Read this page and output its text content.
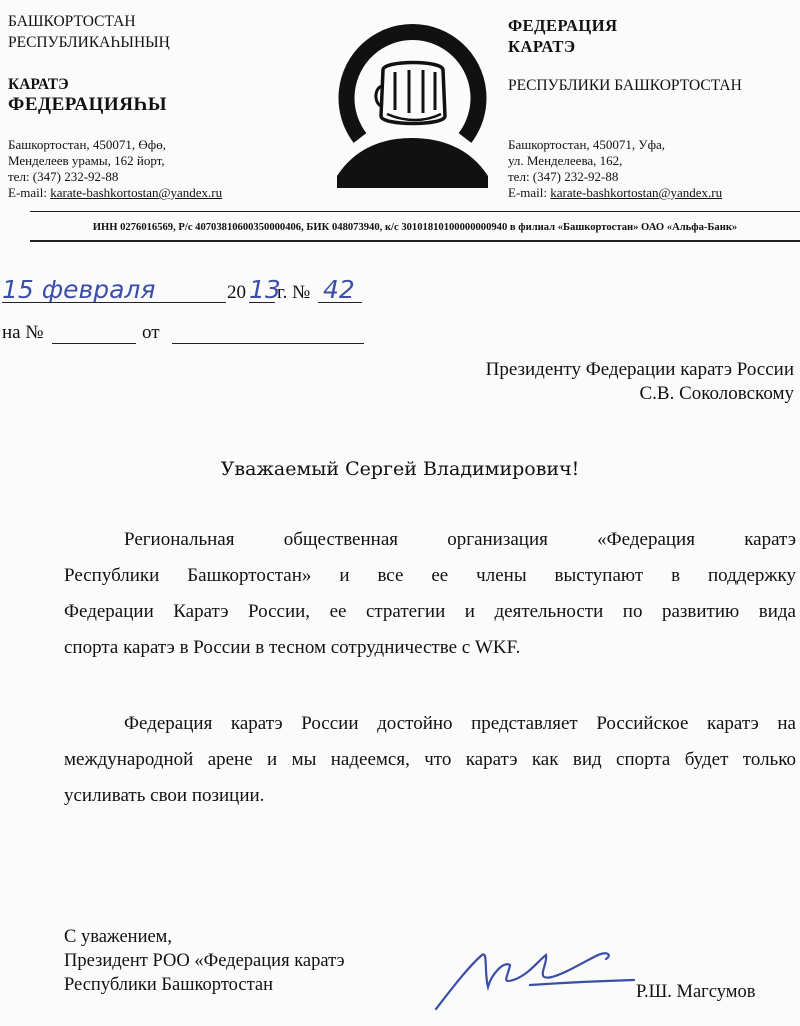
БАШКОРТОСТАН
РЕСПУБЛИКАҺЫНЫҢ
КАРАТЭ
ФЕДЕРАЦИЯҺЫ
Башкортостан, 450071, Өфө,
Менделеев урамы, 162 йорт,
тел: (347) 232-92-88
E-mail: karate-bashkortostan@yandex.ru
ФЕДЕРАЦИЯ
КАРАТЭ
РЕСПУБЛИКИ БАШКОРТОСТАН
Башкортостан, 450071, Уфа,
ул. Менделеева, 162,
тел: (347) 232-92-88
E-mail: karate-bashkortostan@yandex.ru
ИНН 0276016569, Р/с 40703810600350000406, БИК 048073940, к/с 30101810100000000940 в филиал «Башкортостан» ОАО «Альфа-Банк»
15 февраля	20 13
г. № 42
на №	от
Президенту Федерации каратэ России
С.В. Соколовскому
Уважаемый Сергей Владимирович!
Региональная общественная организация «Федерация каратэ
Республики Башкортостан» и все ее члены выступают в поддержку
Федерации Каратэ России, ее стратегии и деятельности по развитию вида
спорта каратэ в России в тесном сотрудничестве с WKF.
Федерация каратэ России достойно представляет Российское каратэ на
международной арене и мы надеемся, что каратэ как вид спорта будет только
усиливать свои позиции.
С уважением,
Президент РОО «Федерация каратэ
Республики Башкортостан	Р.Ш. Магсумов
